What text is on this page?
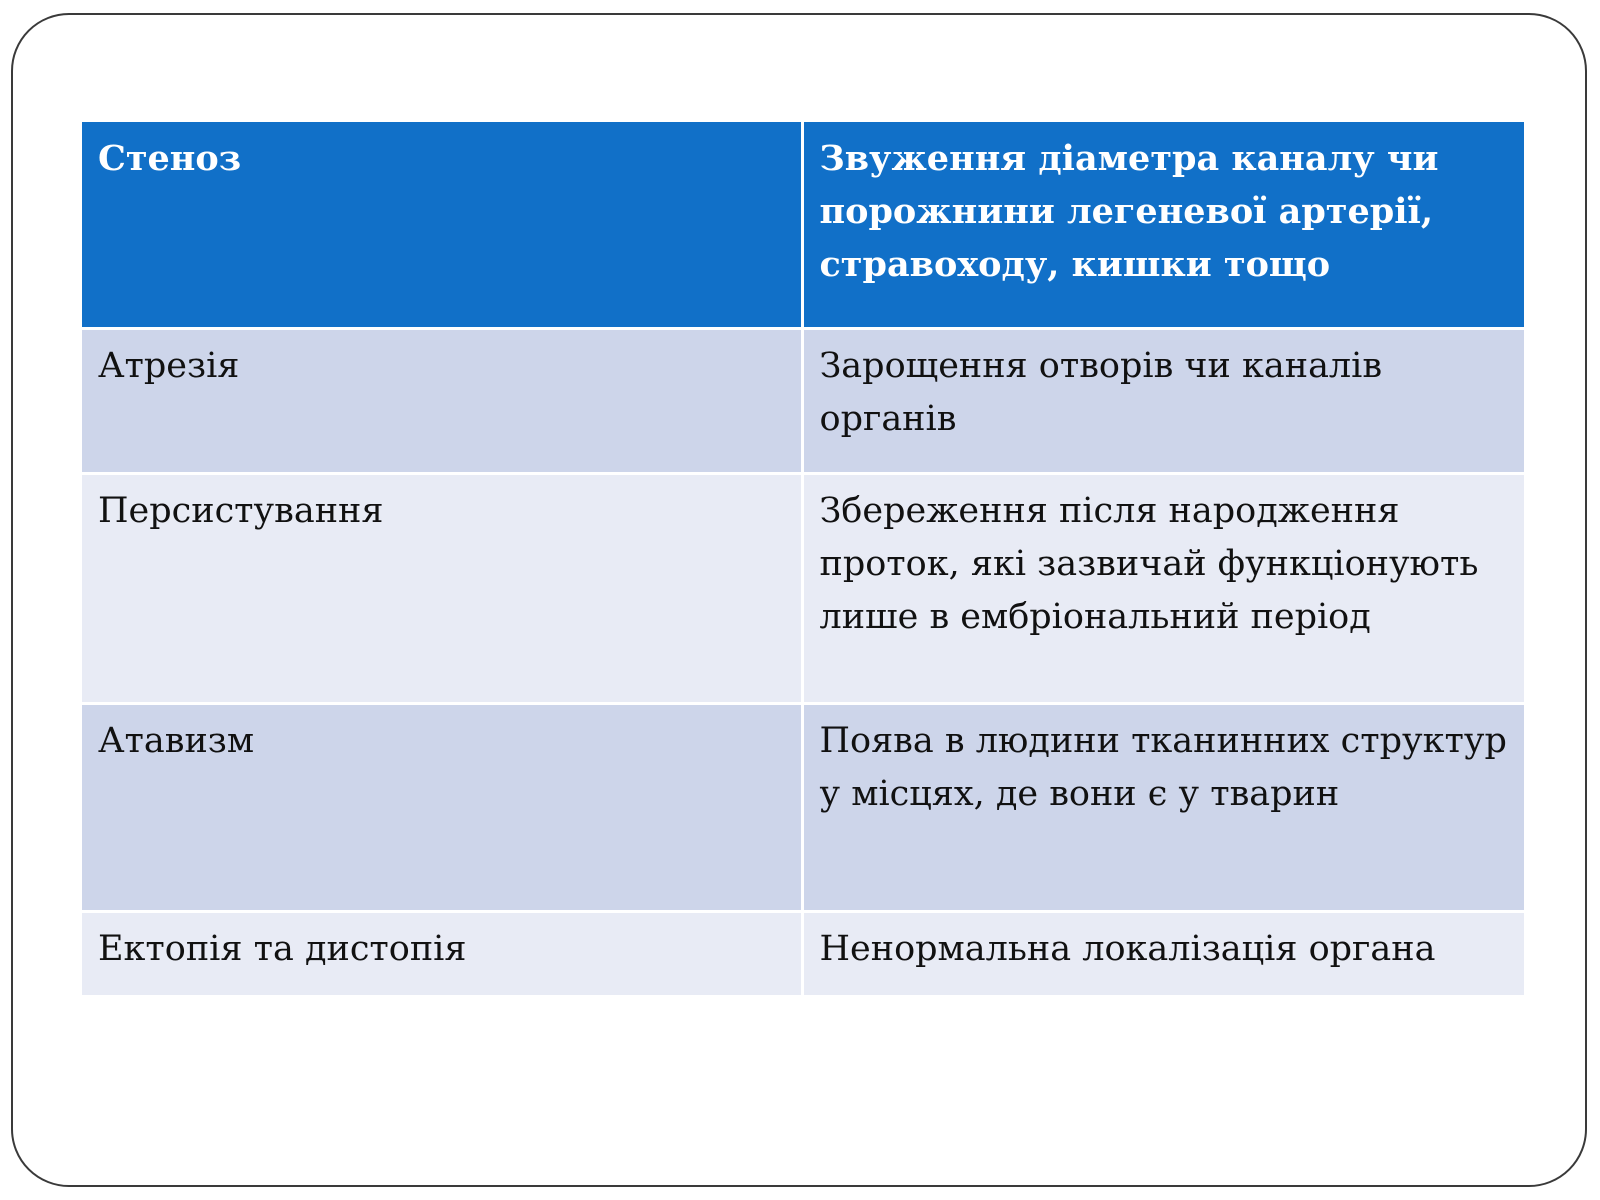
Стеноз	Звуження діаметра каналу чи порожнини легеневої артерії, стравоходу, кишки тощо
Атрезія	Зарощення отворів чи каналів органів
Персистування	Збереження після народження проток, які зазвичай функціонують лише в ембріональний період
Атавизм	Поява в людини тканинних структур у місцях, де вони є у тварин
Ектопія та дистопія	Ненормальна локалізація органа
